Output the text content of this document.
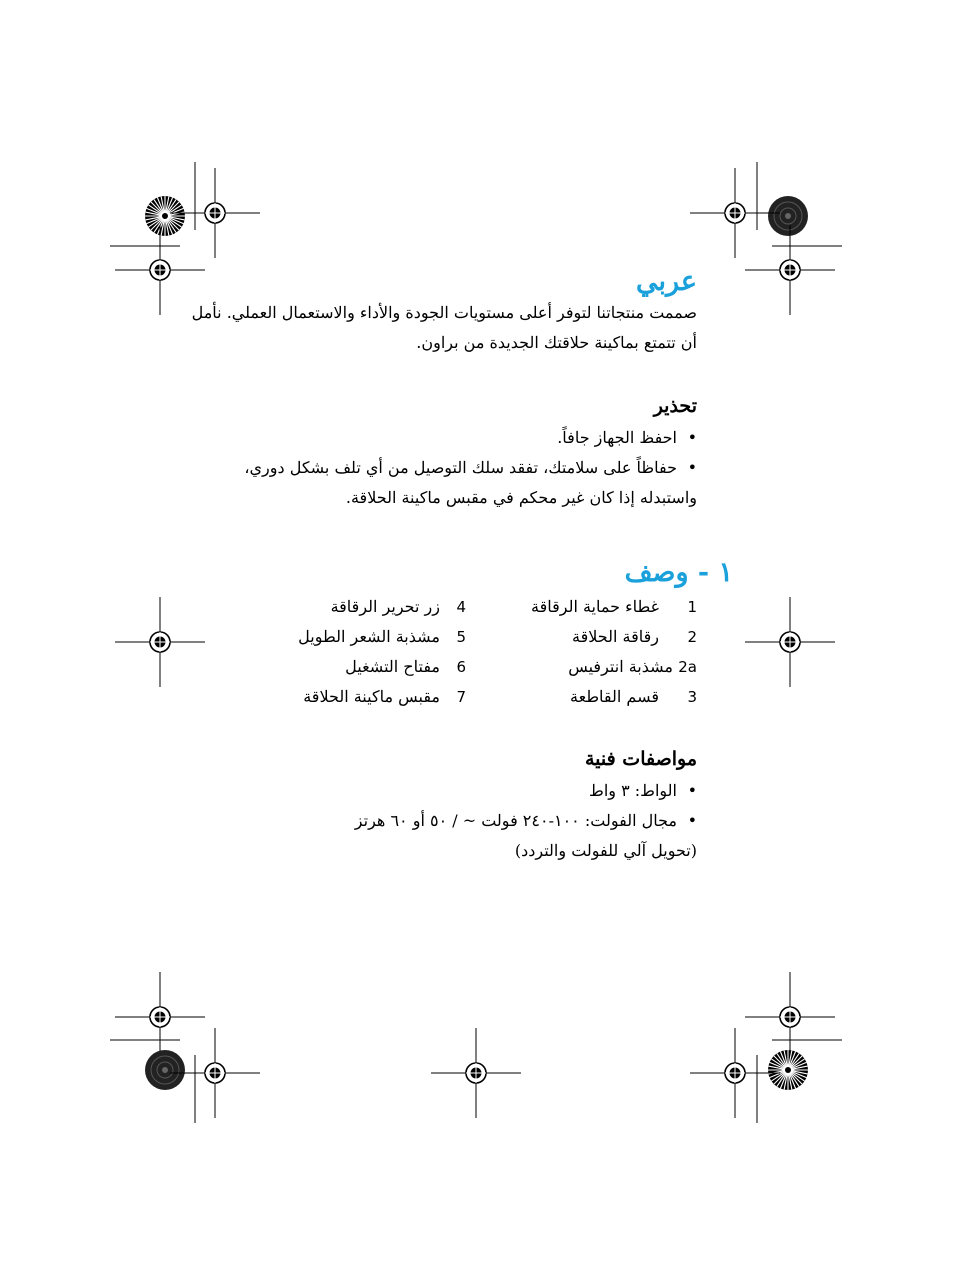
عربي
صممت منتجاتنا لتوفر أعلى مستويات الجودة والأداء والاستعمال العملي. نأمل
أن تتمتع بماكينة حلاقتك الجديدة من براون.
تحذير
• احفظ الجهاز جافاً.
• حفاظاً على سلامتك، تفقد سلك التوصيل من أي تلف بشكل دوري،
واستبدله إذا كان غير محكم في مقبس ماكينة الحلاقة.
١ - وصف
1
غطاء حماية الرقاقة
2
رقاقة الحلاقة
2a
مشذبة انترفيس
3
قسم القاطعة
4
زر تحرير الرقاقة
5
مشذبة الشعر الطويل
6
مفتاح التشغيل
7
مقبس ماكينة الحلاقة
مواصفات فنية
• الواط: ٣ واط
• مجال الفولت: ١٠٠-٢٤٠ فولت ~ / ٥٠ أو ٦٠ هرتز
(تحويل آلي للفولت والتردد)
